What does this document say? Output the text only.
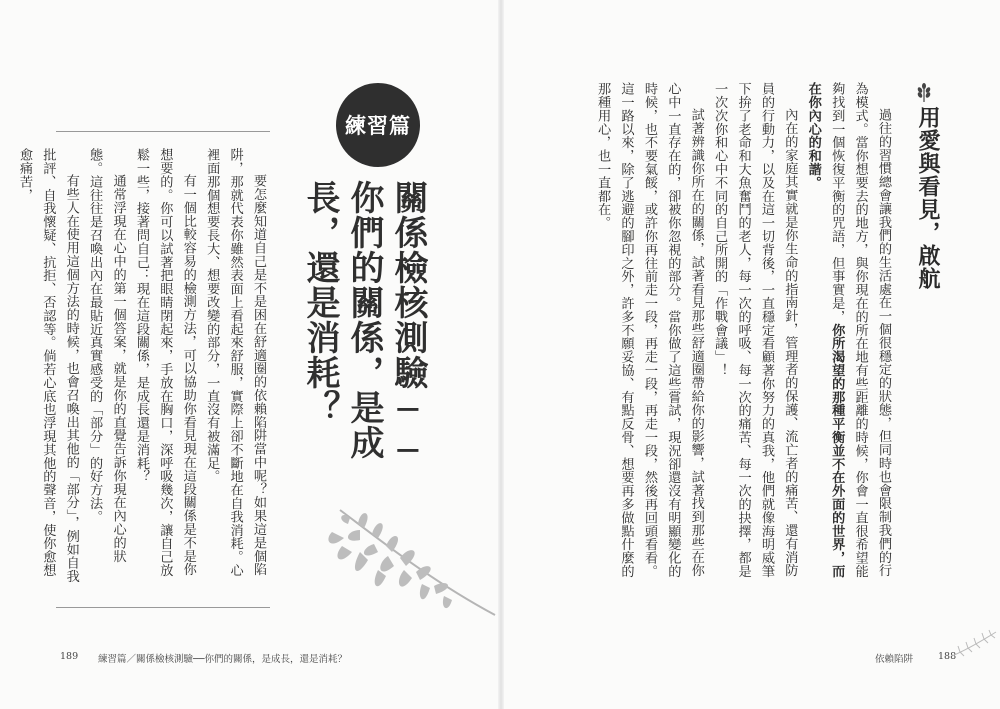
要怎麼知道自己是不是困在舒適圈的依賴陷阱當中呢？如果這是個陷阱，那就代表你雖然表面上看起來舒服，實際上卻不斷地在自我消耗。心裡面那個想要長大、想要改變的部分，一直沒有被滿足。

有一個比較容易的檢測方法，可以協助你看見現在這段關係是不是你想要的。你可以試著把眼睛閉起來，手放在胸口，深呼吸幾次，讓自己放鬆一些，接著問自己：現在這段關係，是成長還是消耗？

通常浮現在心中的第一個答案，就是你的直覺告訴你現在內心的狀態。這往往是召喚出內在最貼近真實感受的「部分」的好方法。

有些人在使用這個方法的時候，也會召喚出其他的「部分」，例如自我批評、自我懷疑、抗拒、否認等。倘若心底也浮現其他的聲音，使你愈想愈痛苦，

練習篇
關係檢核測驗──
你們的關係，是成長，還是消耗？
189 練習篇／關係檢核測驗──你們的關係，是成長，還是消耗？
用愛與看見，啟航

過往的習慣總會讓我們的生活處在一個很穩定的狀態，但同時也會限制我們的行為模式。當你想要去的地方，與你現在的所在地有些距離的時候，你會一直很希望能夠找到一個恢復平衡的咒語，但事實是，你所渴望的那種平衡並不在外面的世界，而在你內心的和諧。

內在的家庭其實就是你生命的指南針，管理者的保護、流亡者的痛苦、還有消防員的行動力，以及在這一切背後，一直穩定看顧著你努力的真我，他們就像海明威筆下拚了老命和大魚奮鬥的老人，每一次的呼吸、每一次的痛苦、每一次的抉擇，都是一次次你和心中不同的自己所開的「作戰會議」！

試著辨識你所在的關係，試著看見那些舒適圈帶給你的影響，試著找到那些在你心中一直存在的，卻被你忽視的部分。當你做了這些嘗試，現況卻還沒有明顯變化的時候，也不要氣餒，或許你再往前走一段，再走一段，再走一段，然後再回頭看看。

這一路以來，除了逃避的腳印之外，許多不願妥協、有點反骨、想要再多做點什麼的那種用心，也一直都在。

依賴陷阱	188
